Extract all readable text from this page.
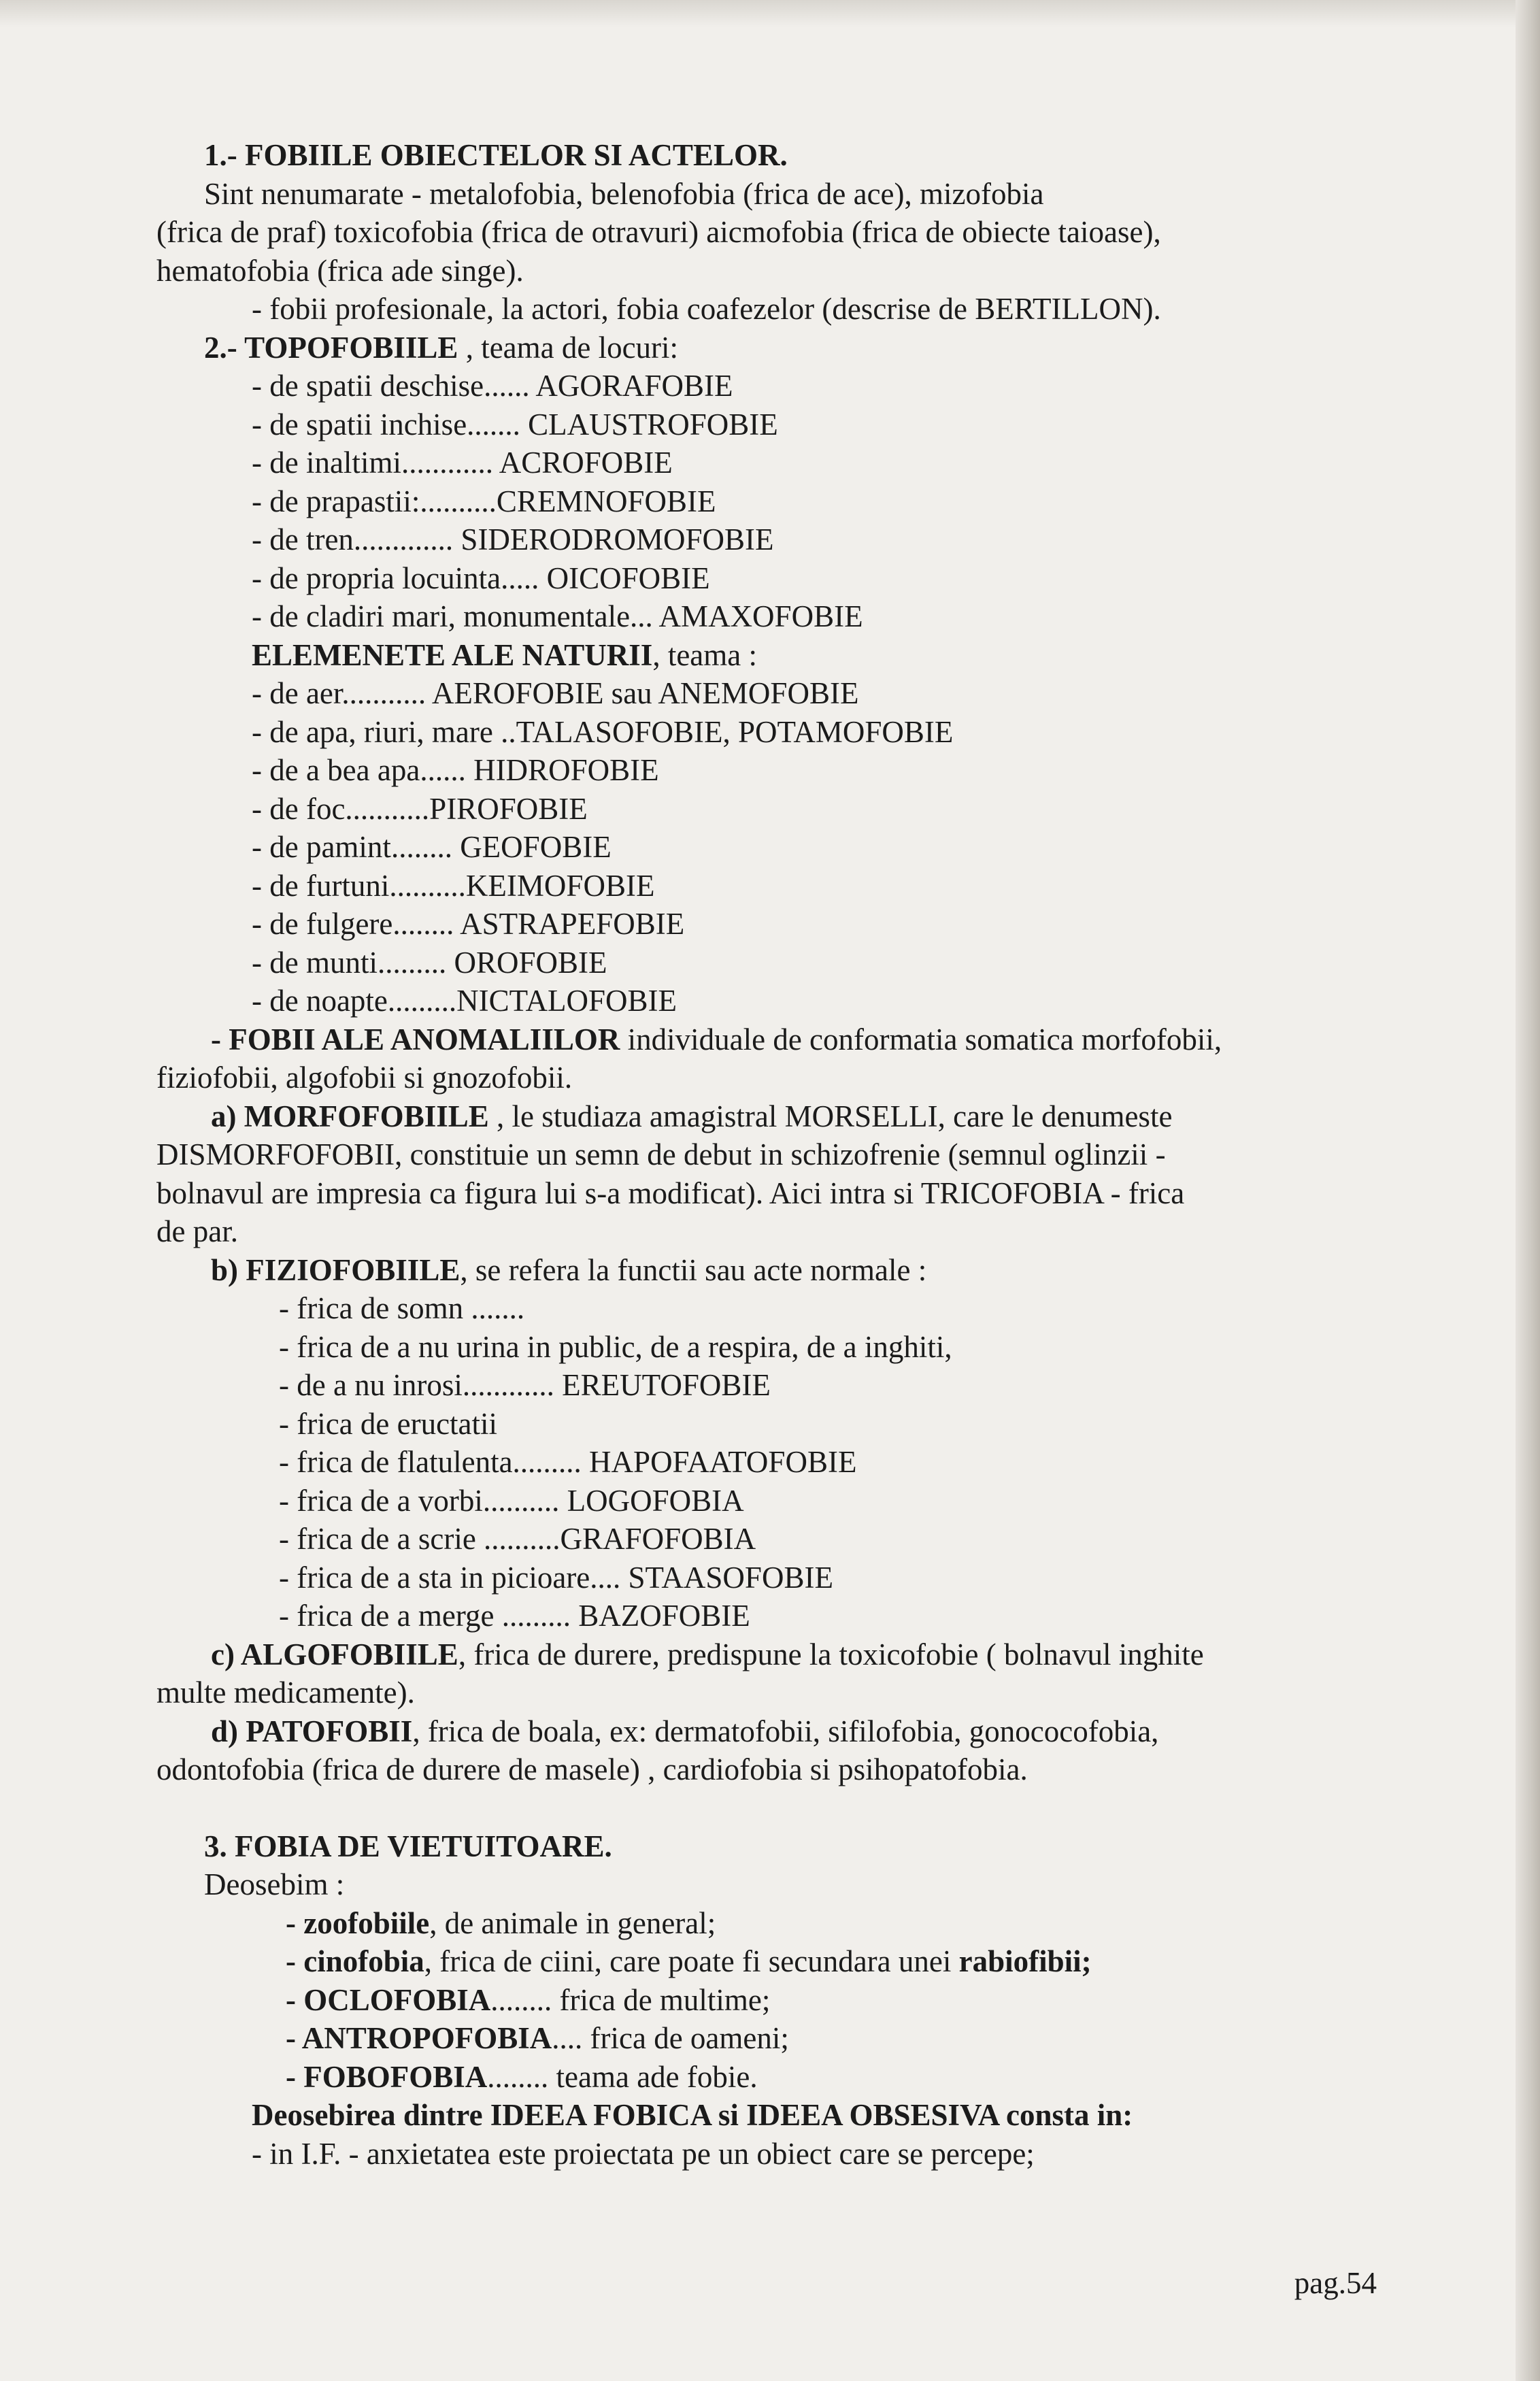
1.- FOBIILE OBIECTELOR SI ACTELOR.
Sint nenumarate - metalofobia, belenofobia (frica de ace), mizofobia
(frica de praf) toxicofobia (frica de otravuri) aicmofobia (frica de obiecte taioase),
hematofobia (frica ade singe).
- fobii profesionale, la actori, fobia coafezelor (descrise de BERTILLON).
2.- TOPOFOBIILE , teama de locuri:
- de spatii deschise...... AGORAFOBIE
- de spatii inchise....... CLAUSTROFOBIE
- de inaltimi............ ACROFOBIE
- de prapastii:..........CREMNOFOBIE
- de tren............. SIDERODROMOFOBIE
- de propria locuinta..... OICOFOBIE
- de cladiri mari, monumentale... AMAXOFOBIE
ELEMENETE ALE NATURII, teama :
- de aer........... AEROFOBIE sau ANEMOFOBIE
- de apa, riuri, mare ..TALASOFOBIE, POTAMOFOBIE
- de a bea apa...... HIDROFOBIE
- de foc...........PIROFOBIE
- de pamint........ GEOFOBIE
- de furtuni..........KEIMOFOBIE
- de fulgere........ ASTRAPEFOBIE
- de munti......... OROFOBIE
- de noapte.........NICTALOFOBIE
- FOBII ALE ANOMALIILOR individuale de conformatia somatica morfofobii,
fiziofobii, algofobii si gnozofobii.
a) MORFOFOBIILE , le studiaza amagistral MORSELLI, care le denumeste
DISMORFOFOBII, constituie un semn de debut in schizofrenie (semnul oglinzii -
bolnavul are impresia ca figura lui s-a modificat). Aici intra si TRICOFOBIA - frica
de par.
b) FIZIOFOBIILE, se refera la functii sau acte normale :
- frica de somn .......
- frica de a nu urina in public, de a respira, de a inghiti,
- de a nu inrosi............ EREUTOFOBIE
- frica de eructatii
- frica de flatulenta......... HAPOFAATOFOBIE
- frica de a vorbi.......... LOGOFOBIA
- frica de a scrie ..........GRAFOFOBIA
- frica de a sta in picioare.... STAASOFOBIE
- frica de a merge ......... BAZOFOBIE
c) ALGOFOBIILE, frica de durere, predispune la toxicofobie ( bolnavul inghite
multe medicamente).
d) PATOFOBII, frica de boala, ex: dermatofobii, sifilofobia, gonococofobia,
odontofobia (frica de durere de masele) , cardiofobia si psihopatofobia.
3. FOBIA DE VIETUITOARE.
Deosebim :
- zoofobiile, de animale in general;
- cinofobia, frica de ciini, care poate fi secundara unei rabiofibii;
- OCLOFOBIA........ frica de multime;
- ANTROPOFOBIA.... frica de oameni;
- FOBOFOBIA........ teama ade fobie.
Deosebirea dintre IDEEA FOBICA si IDEEA OBSESIVA consta in:
- in I.F. - anxietatea este proiectata pe un obiect care se percepe;
pag.54
